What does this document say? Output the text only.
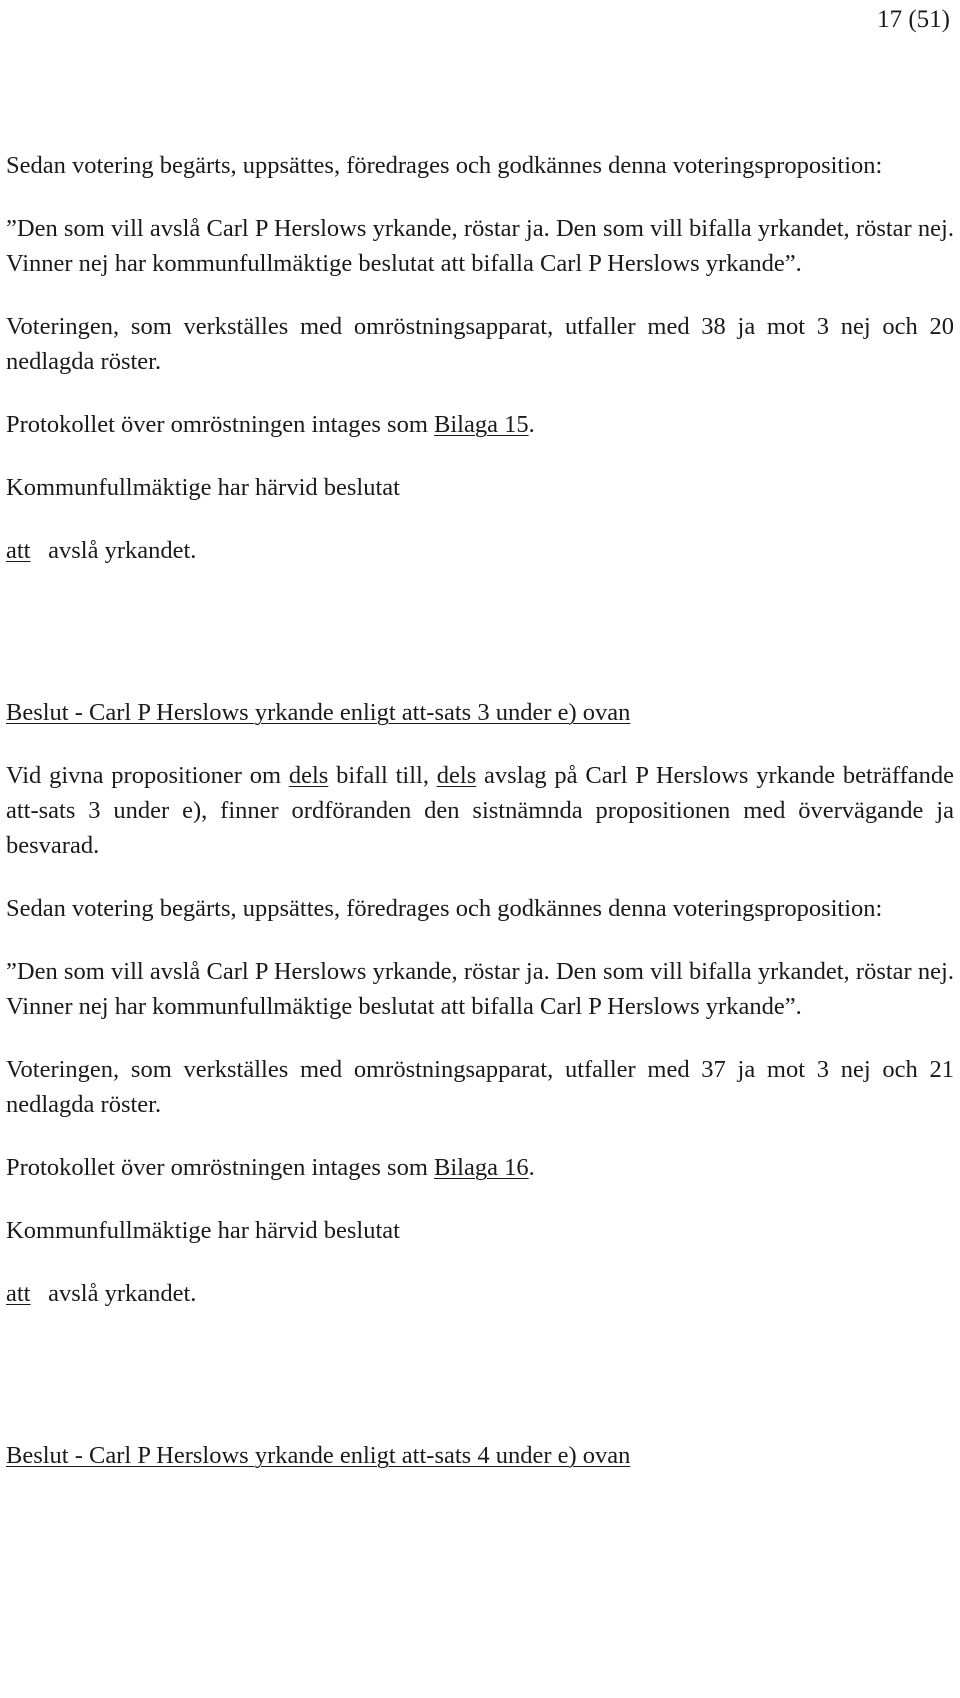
17 (51)

Sedan votering begärts, uppsättes, föredrages och godkännes denna voteringsproposition:

”Den som vill avslå Carl P Herslows yrkande, röstar ja. Den som vill bifalla yrkandet, röstar nej. Vinner nej har kommunfullmäktige beslutat att bifalla Carl P Herslows yrkande”.

Voteringen, som verkställes med omröstningsapparat, utfaller med 38 ja mot 3 nej och 20 nedlagda röster.

Protokollet över omröstningen intages som Bilaga 15.

Kommunfullmäktige har härvid beslutat

att avslå yrkandet.

Beslut - Carl P Herslows yrkande enligt att-sats 3 under e) ovan

Vid givna propositioner om dels bifall till, dels avslag på Carl P Herslows yrkande beträffande att-sats 3 under e), finner ordföranden den sistnämnda propositionen med övervägande ja besvarad.

Sedan votering begärts, uppsättes, föredrages och godkännes denna voteringsproposition:

”Den som vill avslå Carl P Herslows yrkande, röstar ja. Den som vill bifalla yrkandet, röstar nej. Vinner nej har kommunfullmäktige beslutat att bifalla Carl P Herslows yrkande”.

Voteringen, som verkställes med omröstningsapparat, utfaller med 37 ja mot 3 nej och 21 nedlagda röster.

Protokollet över omröstningen intages som Bilaga 16.

Kommunfullmäktige har härvid beslutat

att avslå yrkandet.

Beslut - Carl P Herslows yrkande enligt att-sats 4 under e) ovan
